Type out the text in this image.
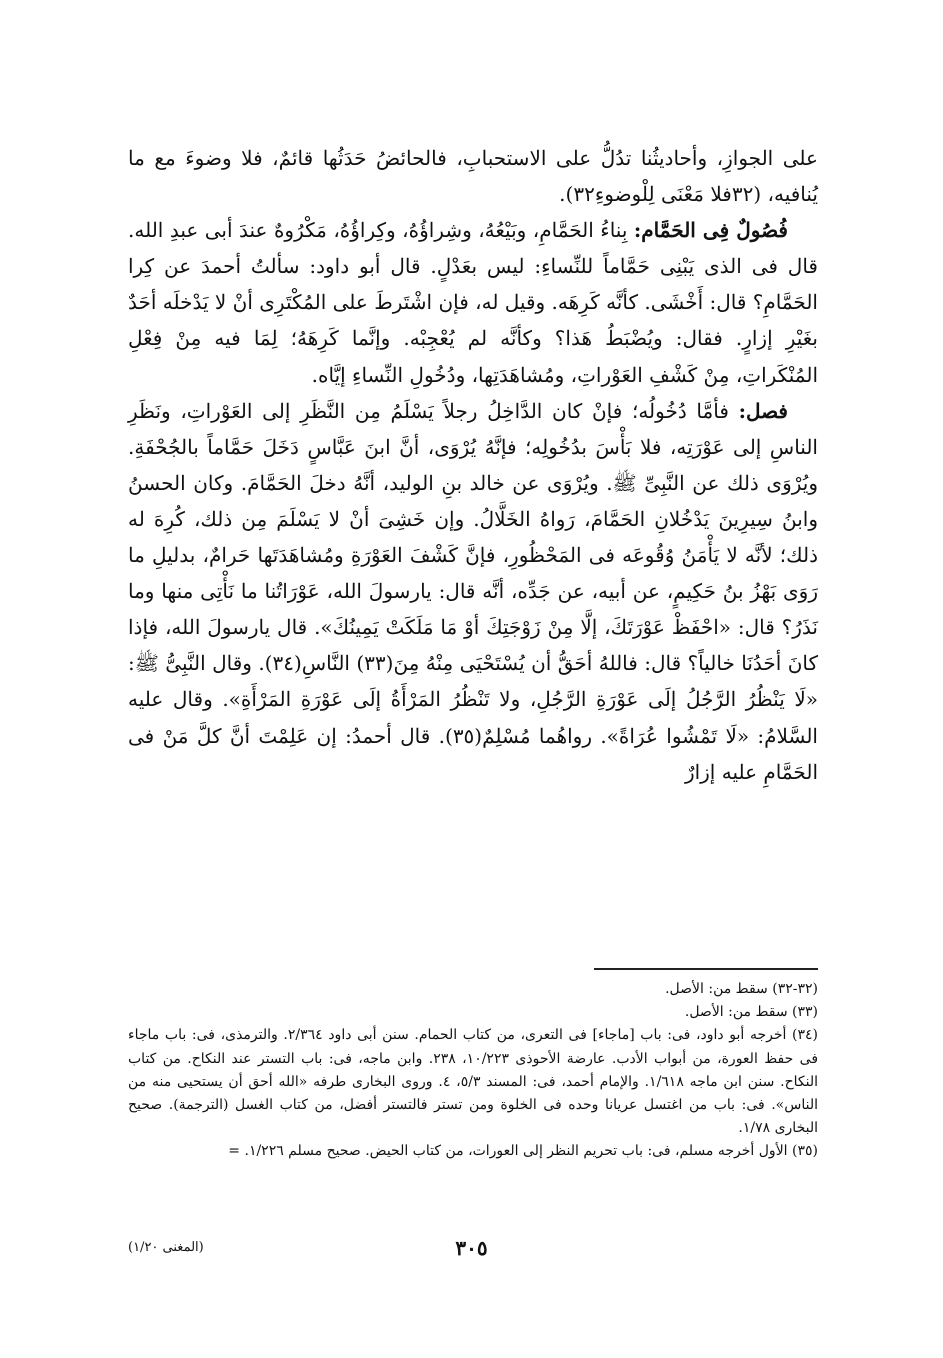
على الجوازِ، وأحاديثُنا تدُلُّ على الاستحبابِ، فالحائضُ حَدَثُها قائمٌ، فلا وضوءَ مع ما يُنافيه، (٣٢فلا مَعْنَى لِلْوضوءِ٣٢).

فُصُولٌ فِى الحَمَّام: بِناءُ الحَمَّامِ، وبَيْعُهُ، وشِراؤُهُ، وكِراؤُهُ، مَكْرُوهٌ عندَ أبى عبدِ الله. قال فى الذى يَبْنِى حَمَّاماً للنِّساءِ: ليس بعَدْلٍ. قال أبو داود: سألتُ أحمدَ عن كِرا الحَمَّامِ؟ قال: أَخْشَى. كأنَّه كَرِهَه. وقيل له، فإن اشْتَرطَ على المُكْتَرِى أنْ لا يَدْخلَه أحَدٌ بغَيْرِ إزارٍ. فقال: ويُضْبَطُ هَذا؟ وكأنَّه لم يُعْجِبْه. وإنَّما كَرِهَهُ؛ لِمَا فيه مِنْ فِعْلِ المُنْكَراتِ، مِنْ كَشْفِ العَوْراتِ، ومُشاهَدَتِها، ودُخُولِ النِّساءِ إيَّاه.

فصل: فأمَّا دُخُولُه؛ فإنْ كان الدَّاخِلُ رجلاً يَسْلَمُ مِن النَّظَرِ إلى العَوْراتِ، ونَظَرِ الناسِ إلى عَوْرَتِه، فلا بَأْسَ بدُخُولِه؛ فإنَّهُ يُرْوَى، أنَّ ابنَ عَبَّاسٍ دَخَلَ حَمَّاماً بالجُحْفَةِ. ويُرْوَى ذلك عن النَّبِىِّ ﷺ. ويُرْوَى عن خالد بنِ الوليد، أنَّهُ دخلَ الحَمَّامَ. وكان الحسنُ وابنُ سِيرِينَ يَدْخُلانِ الحَمَّامَ، رَواهُ الخَلَّالُ. وإن خَشِىَ أنْ لا يَسْلَمَ مِن ذلك، كُرِهَ له ذلك؛ لأنَّه لا يَأْمَنُ وُقُوعَه فى المَحْظُورِ، فإنَّ كَشْفَ العَوْرَةِ ومُشاهَدَتَها حَرامٌ، بدليلِ ما رَوَى بَهْزُ بنُ حَكِيمٍ، عن أبيه، عن جَدِّه، أنَّه قال: يارسولَ الله، عَوْرَاتُنا ما نَأْتِى منها وما نَذَرُ؟ قال: «احْفَظْ عَوْرَتَكَ، إلَّا مِنْ زَوْجَتِكَ أوْ مَا مَلَكَتْ يَمِينُكَ». قال يارسولَ الله، فإذا كانَ أحَدُنَا خالياً؟ قال: فاللهُ أحَقُّ أن يُسْتَحْيَى مِنْهُ مِنَ(٣٣) النَّاسِ(٣٤). وقال النَّبِىُّ ﷺ: «لَا يَنْظُرُ الرَّجُلُ إلَى عَوْرَةِ الرَّجُلِ، ولا تَنْظُرُ المَرْأَةُ إلَى عَوْرَةِ المَرْأَةِ». وقال عليه السَّلامُ: «لَا تَمْشُوا عُرَاةً». رواهُما مُسْلِمٌ(٣٥). قال أحمدُ: إن عَلِمْتَ أنَّ كلَّ مَنْ فى الحَمَّامِ عليه إزارٌ

(٣٢-٣٢) سقط من: الأصل.

(٣٣) سقط من: الأصل.

(٣٤) أخرجه أبو داود، فى: باب [ماجاء] فى التعرى، من كتاب الحمام. سنن أبى داود ٢/٣٦٤. والترمذى، فى: باب ماجاء فى حفظ العورة، من أبواب الأدب. عارضة الأحوذى ١٠/٢٢٣، ٢٣٨. وابن ماجه، فى: باب التستر عند النكاح. من كتاب النكاح. سنن ابن ماجه ١/٦١٨. والإمام أحمد، فى: المسند ٥/٣، ٤. وروى البخارى طرفه «الله أحق أن يستحيى منه من الناس». فى: باب من اغتسل عريانا وحده فى الخلوة ومن تستر فالتستر أفضل، من كتاب الغسل (الترجمة). صحيح البخارى ١/٧٨.

(٣٥) الأول أخرجه مسلم، فى: باب تحريم النظر إلى العورات، من كتاب الحيض. صحيح مسلم ١/٢٢٦. =

٣٠٥
(المغنى ١/٢٠)
